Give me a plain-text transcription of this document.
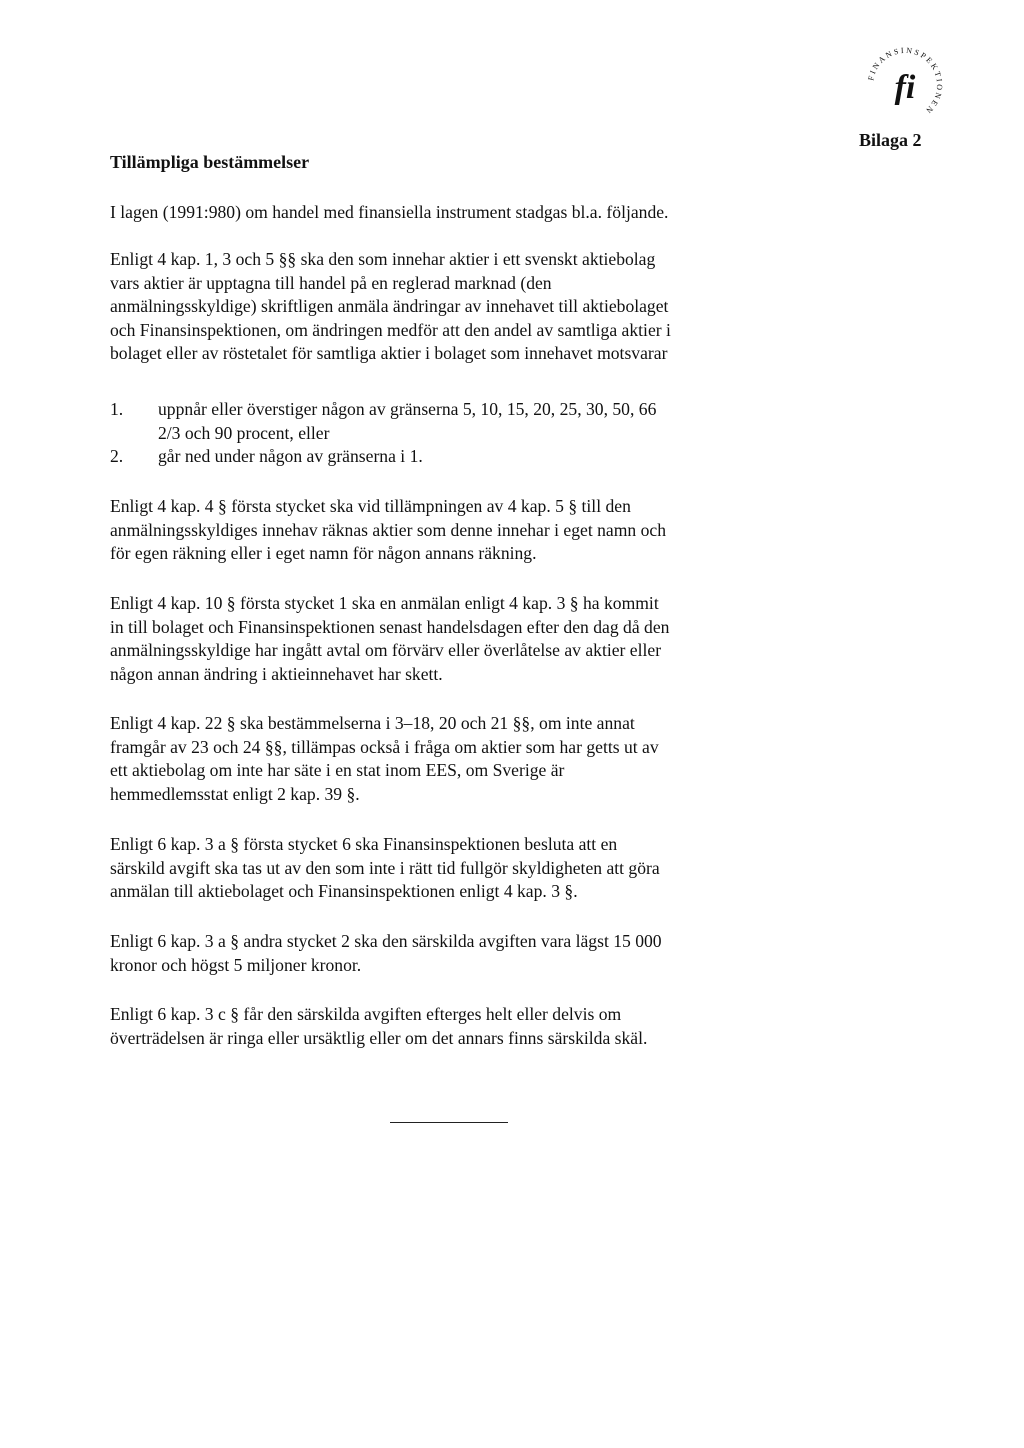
FINANSINSPEKTIONEN
fi
Bilaga 2
Tillämpliga bestämmelser

I lagen (1991:980) om handel med finansiella instrument stadgas bl.a. följande.

Enligt 4 kap. 1, 3 och 5 §§ ska den som innehar aktier i ett svenskt aktiebolag
vars aktier är upptagna till handel på en reglerad marknad (den
anmälningsskyldige) skriftligen anmäla ändringar av innehavet till aktiebolaget
och Finansinspektionen, om ändringen medför att den andel av samtliga aktier i
bolaget eller av röstetalet för samtliga aktier i bolaget som innehavet motsvarar

1. uppnår eller överstiger någon av gränserna 5, 10, 15, 20, 25, 30, 50, 66
2/3 och 90 procent, eller
2. går ned under någon av gränserna i 1.

Enligt 4 kap. 4 § första stycket ska vid tillämpningen av 4 kap. 5 § till den
anmälningsskyldiges innehav räknas aktier som denne innehar i eget namn och
för egen räkning eller i eget namn för någon annans räkning.

Enligt 4 kap. 10 § första stycket 1 ska en anmälan enligt 4 kap. 3 § ha kommit
in till bolaget och Finansinspektionen senast handelsdagen efter den dag då den
anmälningsskyldige har ingått avtal om förvärv eller överlåtelse av aktier eller
någon annan ändring i aktieinnehavet har skett.

Enligt 4 kap. 22 § ska bestämmelserna i 3–18, 20 och 21 §§, om inte annat
framgår av 23 och 24 §§, tillämpas också i fråga om aktier som har getts ut av
ett aktiebolag om inte har säte i en stat inom EES, om Sverige är
hemmedlemsstat enligt 2 kap. 39 §.

Enligt 6 kap. 3 a § första stycket 6 ska Finansinspektionen besluta att en
särskild avgift ska tas ut av den som inte i rätt tid fullgör skyldigheten att göra
anmälan till aktiebolaget och Finansinspektionen enligt 4 kap. 3 §.

Enligt 6 kap. 3 a § andra stycket 2 ska den särskilda avgiften vara lägst 15 000
kronor och högst 5 miljoner kronor.

Enligt 6 kap. 3 c § får den särskilda avgiften efterges helt eller delvis om
överträdelsen är ringa eller ursäktlig eller om det annars finns särskilda skäl.
